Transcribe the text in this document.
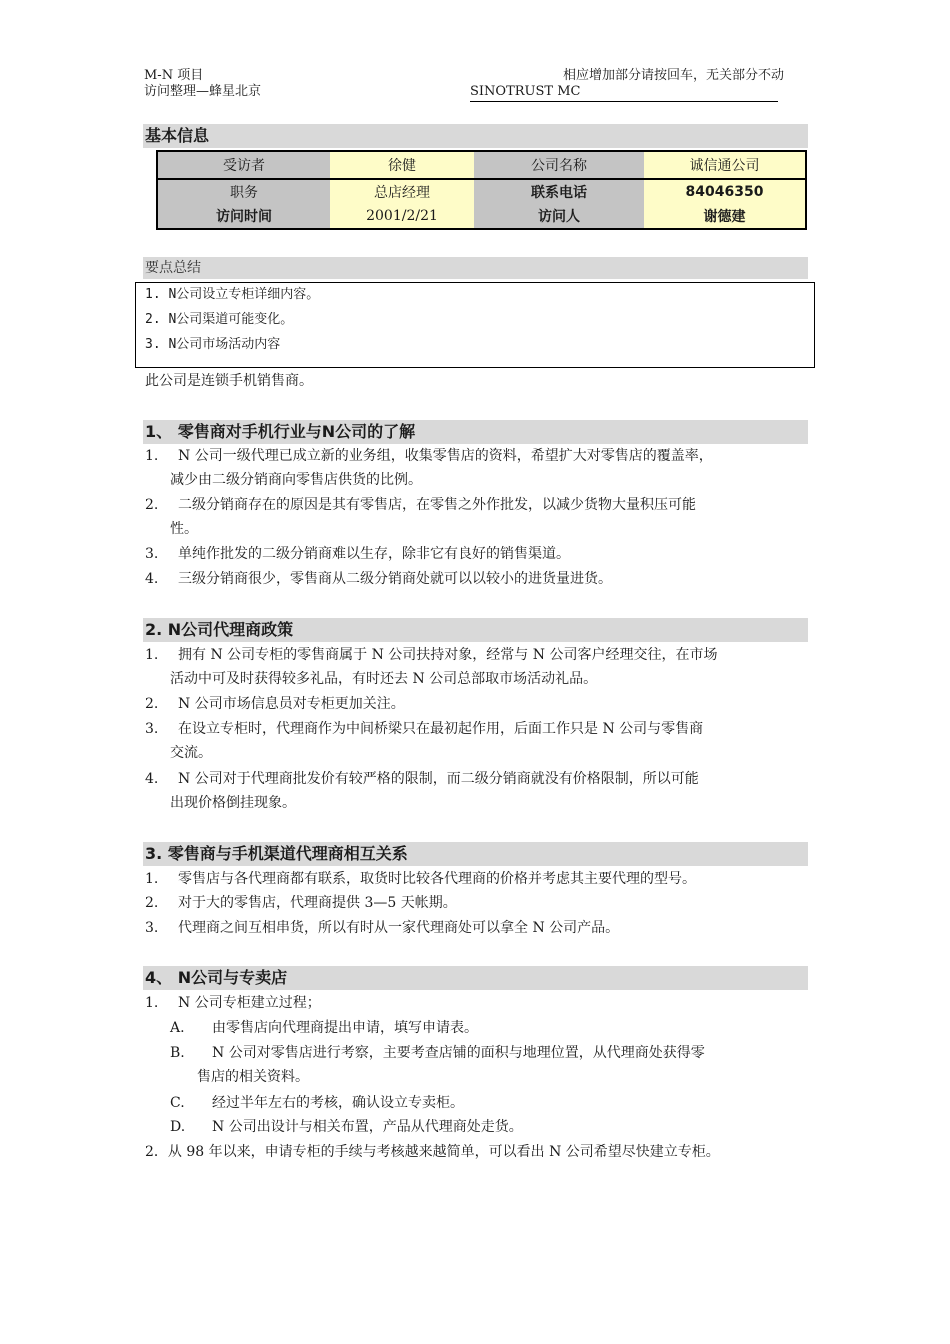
M-N 项目
访问整理—蜂星北京
相应增加部分请按回车，无关部分不动
SINOTRUST MC
基本信息
受访者	徐健	公司名称	诚信通公司
职务	总店经理	联系电话	84046350
访问时间	2001/2/21	访问人	谢德建
要点总结
1. N公司设立专柜详细内容。
2. N公司渠道可能变化。
3. N公司市场活动内容
此公司是连锁手机销售商。
1、 零售商对手机行业与N公司的了解
1. N 公司一级代理已成立新的业务组，收集零售店的资料，希望扩大对零售店的覆盖率，
减少由二级分销商向零售店供货的比例。
2. 二级分销商存在的原因是其有零售店，在零售之外作批发，以减少货物大量积压可能
性。
3. 单纯作批发的二级分销商难以生存，除非它有良好的销售渠道。
4. 三级分销商很少，零售商从二级分销商处就可以以较小的进货量进货。
2. N公司代理商政策
1. 拥有 N 公司专柜的零售商属于 N 公司扶持对象，经常与 N 公司客户经理交往，在市场
活动中可及时获得较多礼品，有时还去 N 公司总部取市场活动礼品。
2. N 公司市场信息员对专柜更加关注。
3. 在设立专柜时，代理商作为中间桥梁只在最初起作用，后面工作只是 N 公司与零售商
交流。
4. N 公司对于代理商批发价有较严格的限制，而二级分销商就没有价格限制，所以可能
出现价格倒挂现象。
3. 零售商与手机渠道代理商相互关系
1. 零售店与各代理商都有联系，取货时比较各代理商的价格并考虑其主要代理的型号。
2. 对于大的零售店，代理商提供 3—5 天帐期。
3. 代理商之间互相串货，所以有时从一家代理商处可以拿全 N 公司产品。
4、 N公司与专卖店
1. N 公司专柜建立过程；
A. 由零售店向代理商提出申请，填写申请表。
B. N 公司对零售店进行考察，主要考查店铺的面积与地理位置，从代理商处获得零
售店的相关资料。
C. 经过半年左右的考核，确认设立专卖柜。
D. N 公司出设计与相关布置，产品从代理商处走货。
2．从 98 年以来，申请专柜的手续与考核越来越简单，可以看出 N 公司希望尽快建立专柜。
